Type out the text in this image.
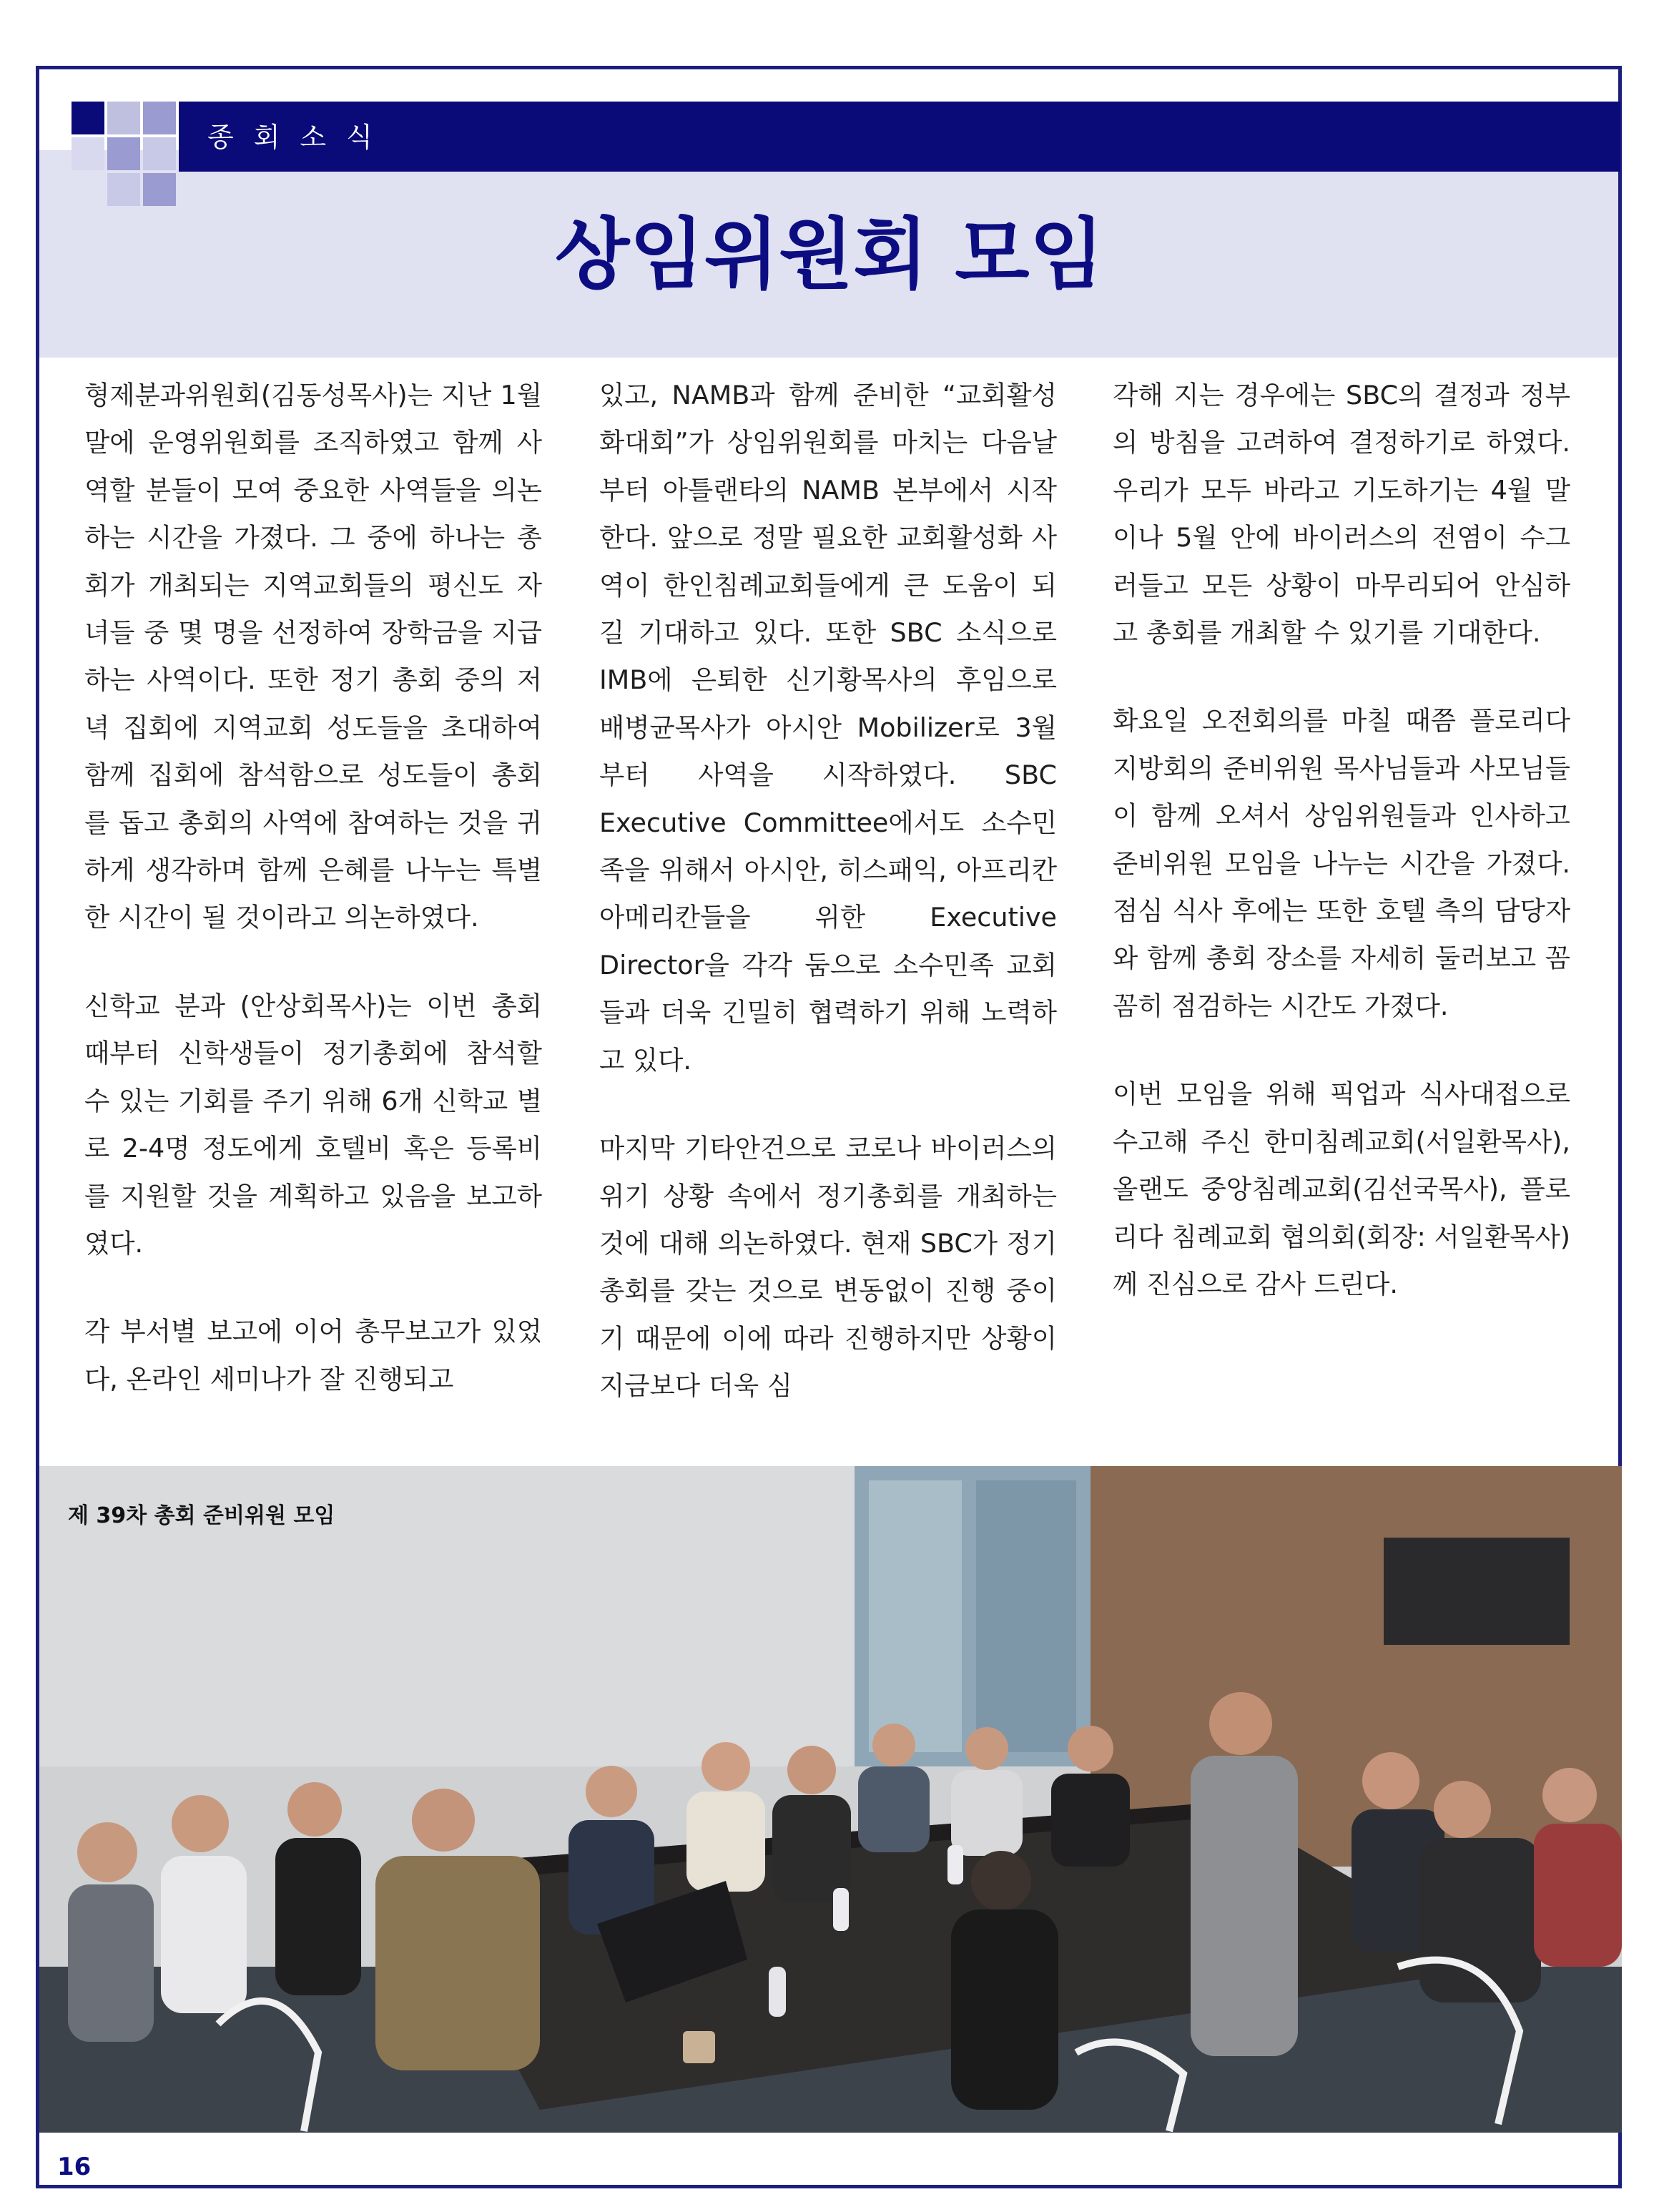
종회소식
상임위원회 모임

형제분과위원회(김동성목사)는 지난 1월말에 운영위원회를 조직하였고 함께 사역할 분들이 모여 중요한 사역들을 의논하는 시간을 가졌다. 그 중에 하나는 총회가 개최되는 지역교회들의 평신도 자녀들 중 몇 명을 선정하여 장학금을 지급하는 사역이다. 또한 정기 총회 중의 저녁 집회에 지역교회 성도들을 초대하여 함께 집회에 참석함으로 성도들이 총회를 돕고 총회의 사역에 참여하는 것을 귀하게 생각하며 함께 은혜를 나누는 특별한 시간이 될 것이라고 의논하였다.

신학교 분과 (안상회목사)는 이번 총회 때부터 신학생들이 정기총회에 참석할 수 있는 기회를 주기 위해 6개 신학교 별로 2-4명 정도에게 호텔비 혹은 등록비를 지원할 것을 계획하고 있음을 보고하였다.

각 부서별 보고에 이어 총무보고가 있었다, 온라인 세미나가 잘 진행되고

있고, NAMB과 함께 준비한 “교회활성화대회”가 상임위원회를 마치는 다음날부터 아틀랜타의 NAMB 본부에서 시작한다. 앞으로 정말 필요한 교회활성화 사역이 한인침례교회들에게 큰 도움이 되길 기대하고 있다. 또한 SBC 소식으로 IMB에 은퇴한 신기황목사의 후임으로 배병균목사가 아시안 Mobilizer로 3월부터 사역을 시작하였다. SBC Executive Committee에서도 소수민족을 위해서 아시안, 히스패익, 아프리칸 아메리칸들을 위한 Executive Director을 각각 둠으로 소수민족 교회들과 더욱 긴밀히 협력하기 위해 노력하고 있다.

마지막 기타안건으로 코로나 바이러스의 위기 상황 속에서 정기총회를 개최하는 것에 대해 의논하였다. 현재 SBC가 정기총회를 갖는 것으로 변동없이 진행 중이기 때문에 이에 따라 진행하지만 상황이 지금보다 더욱 심

각해 지는 경우에는 SBC의 결정과 정부의 방침을 고려하여 결정하기로 하였다. 우리가 모두 바라고 기도하기는 4월 말이나 5월 안에 바이러스의 전염이 수그러들고 모든 상황이 마무리되어 안심하고 총회를 개최할 수 있기를 기대한다.

화요일 오전회의를 마칠 때쯤 플로리다 지방회의 준비위원 목사님들과 사모님들이 함께 오셔서 상임위원들과 인사하고 준비위원 모임을 나누는 시간을 가졌다. 점심 식사 후에는 또한 호텔 측의 담당자와 함께 총회 장소를 자세히 둘러보고 꼼꼼히 점검하는 시간도 가졌다.

이번 모임을 위해 픽업과 식사대접으로 수고해 주신 한미침례교회(서일환목사), 올랜도 중앙침례교회(김선국목사), 플로리다 침례교회 협의회(회장: 서일환목사)께 진심으로 감사 드린다.

제 39차 총회 준비위원 모임
16
